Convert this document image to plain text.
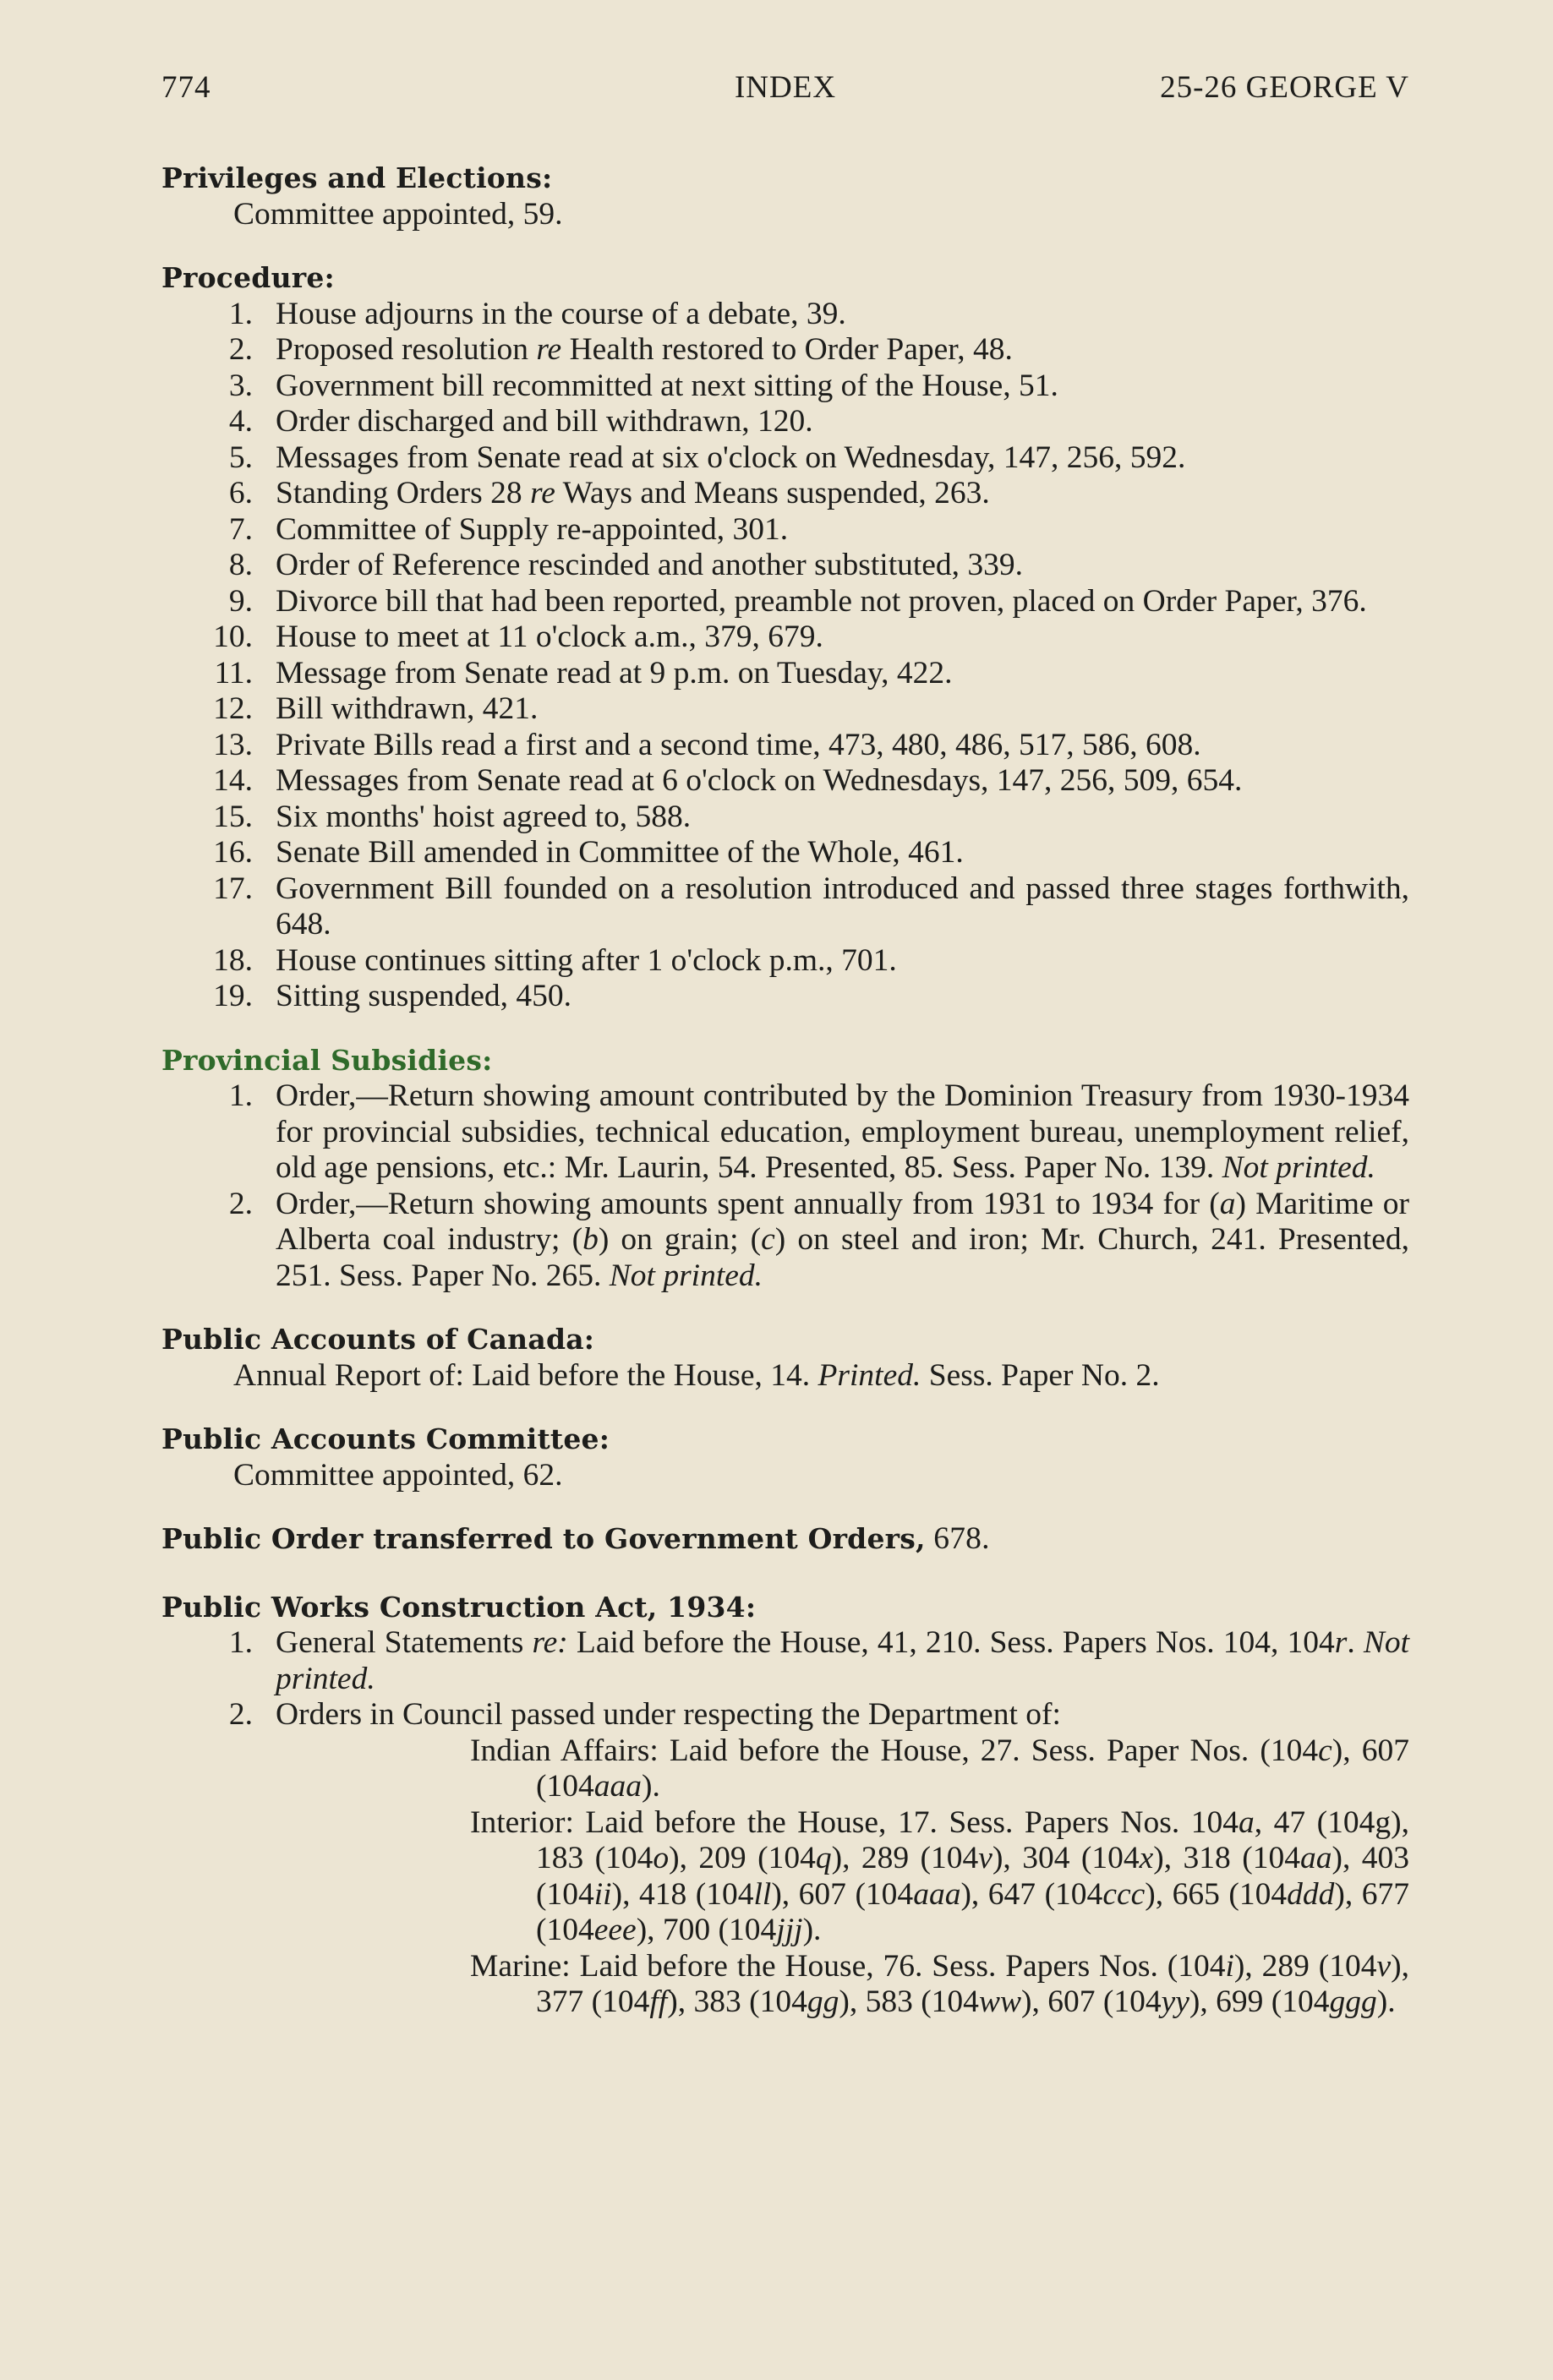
774	INDEX	25-26 GEORGE V
Privileges and Elections:
Committee appointed, 59.
Procedure:
1. House adjourns in the course of a debate, 39.
2. Proposed resolution re Health restored to Order Paper, 48.
3. Government bill recommitted at next sitting of the House, 51.
4. Order discharged and bill withdrawn, 120.
5. Messages from Senate read at six o'clock on Wednesday, 147, 256, 592.
6. Standing Orders 28 re Ways and Means suspended, 263.
7. Committee of Supply re-appointed, 301.
8. Order of Reference rescinded and another substituted, 339.
9. Divorce bill that had been reported, preamble not proven, placed on Order Paper, 376.
10. House to meet at 11 o'clock a.m., 379, 679.
11. Message from Senate read at 9 p.m. on Tuesday, 422.
12. Bill withdrawn, 421.
13. Private Bills read a first and a second time, 473, 480, 486, 517, 586, 608.
14. Messages from Senate read at 6 o'clock on Wednesdays, 147, 256, 509, 654.
15. Six months' hoist agreed to, 588.
16. Senate Bill amended in Committee of the Whole, 461.
17. Government Bill founded on a resolution introduced and passed three stages forthwith, 648.
18. House continues sitting after 1 o'clock p.m., 701.
19. Sitting suspended, 450.
Provincial Subsidies:
1. Order,—Return showing amount contributed by the Dominion Treasury from 1930-1934 for provincial subsidies, technical education, employment bureau, unemployment relief, old age pensions, etc.: Mr. Laurin, 54. Presented, 85. Sess. Paper No. 139. Not printed.
2. Order,—Return showing amounts spent annually from 1931 to 1934 for (a) Maritime or Alberta coal industry; (b) on grain; (c) on steel and iron; Mr. Church, 241. Presented, 251. Sess. Paper No. 265. Not printed.
Public Accounts of Canada:
Annual Report of: Laid before the House, 14. Printed. Sess. Paper No. 2.
Public Accounts Committee:
Committee appointed, 62.
Public Order transferred to Government Orders, 678.
Public Works Construction Act, 1934:
1. General Statements re: Laid before the House, 41, 210. Sess. Papers Nos. 104, 104r. Not printed.
2. Orders in Council passed under respecting the Department of:
Indian Affairs: Laid before the House, 27. Sess. Paper Nos. (104c), 607 (104aaa).
Interior: Laid before the House, 17. Sess. Papers Nos. 104a, 47 (104g), 183 (104o), 209 (104q), 289 (104v), 304 (104x), 318 (104aa), 403 (104ii), 418 (104ll), 607 (104aaa), 647 (104ccc), 665 (104ddd), 677 (104eee), 700 (104jjj).
Marine: Laid before the House, 76. Sess. Papers Nos. (104i), 289 (104v), 377 (104ff), 383 (104gg), 583 (104ww), 607 (104yy), 699 (104ggg).
